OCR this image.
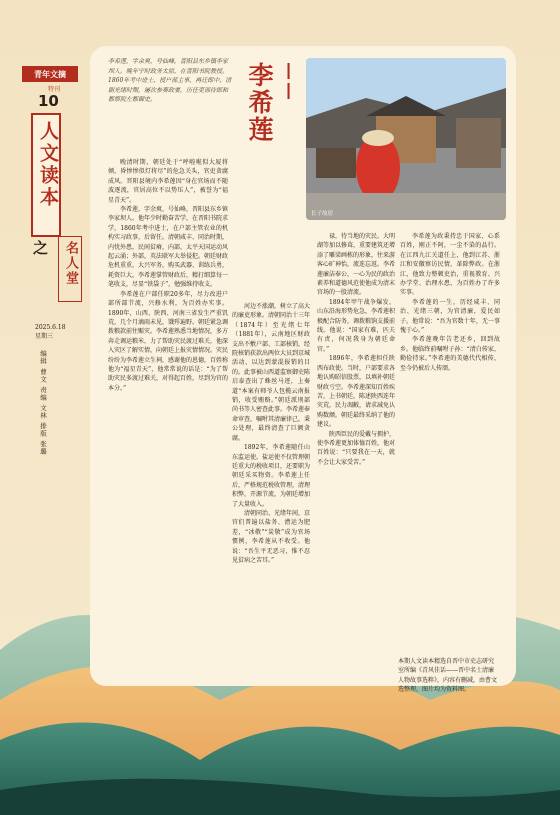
青年文摘
特刊
10
人文读本
之 名人堂
2025.6.18
星期三
编辑 曹文 责编 文林 排版 张璐
李希莲，字余爽，号仙峰，晋阳县东乡镇李家坝人。晚年宁时政务太原，在晋阳书院教授。1860年考中进士，授户部主事，再迁郎中，清朝光绪时期，屡次参奏政要，历任吏部侍郎和都察院左都御史。	——
李希莲
长子故居

晚清时期，朝廷处于“呼啦啦似大厦将倾，昏惨惨似灯将尽”的危急关头，官吏贪腐成风。晋阳县境内李希莲因“身在官场而不随波逐流，官居高位不以势压人”，被誉为“福星青天”。

李希莲，字余爽，号仙峰，晋阳县东乡镇李家坝人。他年少时勤奋苦学，在晋阳书院求学，1860年考中进士，在户部主管农业的机构实习政事，后留任。清朝咸丰、同治时期，内忧外患，民间贫瘠，内部，太平天国运动风起云涌；外部，英法联军大举侵犯。朝廷财政危机重重，大兴军务，购买武器、训练兵勇，耗资巨大，李希莲掌管财政后，精打细算每一笔收支，尽显“铁袋子”，勉强维持收支。

李希莲在户部任职20多年，尽力改进户部所部节流，兴修水利，为百姓办实事。1890年，山西、陕西、河南三省发生严重饥荒，几个月滴雨未见，饿殍遍野。朝廷紧急调拨粮款前往赈灾。李希莲熟悉当地情况，多方奔走调运粮米，力了帮助灾民渡过难关，他深入灾区了解实情，向朝廷上报灾情情况。灾民纷纷为李希莲立生祠，感谢他的恩德，百姓称他为“福星青天”，他常常说的话是：“为了帮助灾民多渡过难关，对得起百姓，尽到为官的本分。”

河边不涨潮，树立了高大的廉吏形象。清朝同治十三年（1874年）至光绪七年（1881年），云南地区财政支出不敷户部、工部核销，经院核销获款出两位大员到京城活动，以达到蒙混报销的目的。此事被山西道监察御史陈启泰查出了蛛丝马迹，上奏道“本案有师爷人包揽云南报销，收受贿赂。”朝廷派刑部尚书等人密查此事。李希莲奉命审查，嘱咐其清廉律己，秉公处理，最终清查了巨额贪腐。

1892年，李希莲随任山东监运使。盐运使不仅管理朝廷重大的税收项目，还要职为朝廷采买物资。李希莲上任后，严格规范税收管理，清理积弊，开源节流，为朝廷增加了大量收入。

清朝同治、光绪年间，京官们普遍以盐务、漕运为肥差，“冰敬”“炭敬”成为官场惯例，李希莲从不收受。他说：“吾生平无恶习，惟不忍见贫病之苦耳。”

禄，待当地的灾民。大明湖等加以修葺，重要建筑还增添了雕梁画栋的形象，往来游客心旷神怡，流连忘返。李希莲廉洁奉公，一心为民的政治素养和道德风范使他成为清末官场的一股清流。

1894年甲午战争爆发，山东沿海形势危急，李希莲积极配合防务，调拨粮饷支援前线。他说：“国家有难，匹夫有责，何况我身为朝廷命官。”

1896年，李希莲担任陕西布政使。当时，户部要求各地认购昭信股票，以填补朝廷财政亏空。李希莲深知百姓疾苦，上书朝廷，陈述陕西连年灾荒，民力凋敝，请求减免认购数额。朝廷最终采纳了他的建议。

陕西臣民的爱戴与拥护，使李希莲更加体恤百姓，他对百姓说：“只要我在一天，就不会让大家受苦。”

李希莲为政秉持忠于国家、心系百姓，刚正不阿，一尘不染的品行。在江西九江关道任上，他到江苏、浙江和安徽察访民情，革除弊政。在浙江，他致力整顿吏治，重视教育、兴办学堂、治理水患，为百姓办了许多实事。

李希莲的一生，历经咸丰、同治、光绪三朝，为官清廉，爱民如子。他常说：“吾为官数十年，无一事愧于心。”

李希莲晚年告老还乡，回到故乡。他临终前嘱咐子孙：“清白传家，勤俭持家。”李希莲的美德代代相传，至今仍被后人传颂。

本期人文读本精选自晋中市史志研究室所编《青风佳话——晋中名士清廉人物故事选粹》，内容有删减，由曹文选整理，图片均为资料图。
